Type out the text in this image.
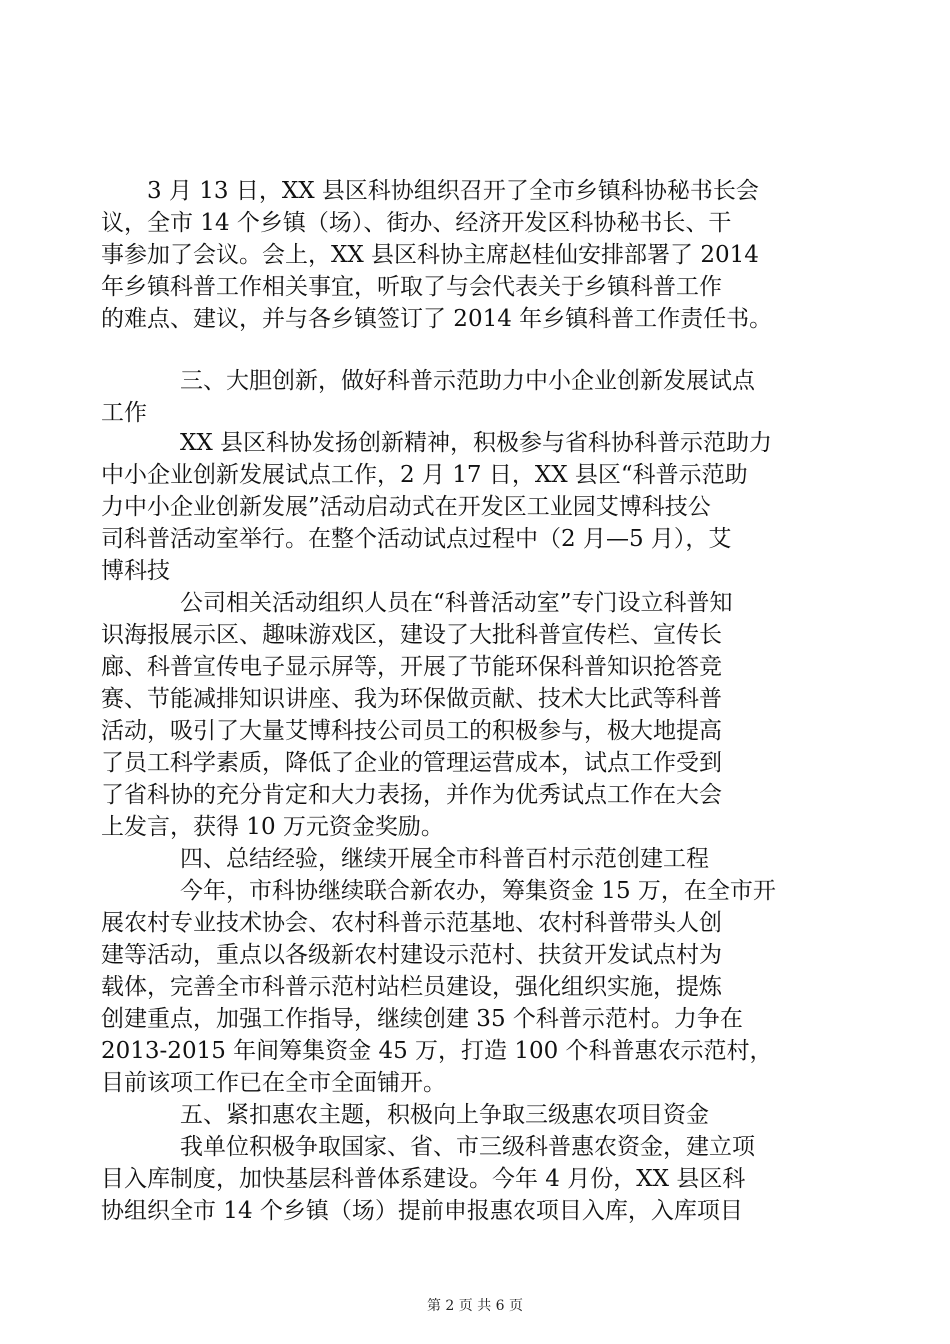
3 月 13 日，XX 县区科协组织召开了全市乡镇科协秘书长会
议，全市 14 个乡镇（场）、街办、经济开发区科协秘书长、干
事参加了会议。会上，XX 县区科协主席赵桂仙安排部署了 2014
年乡镇科普工作相关事宜，听取了与会代表关于乡镇科普工作
的难点、建议，并与各乡镇签订了 2014 年乡镇科普工作责任书。
三、大胆创新，做好科普示范助力中小企业创新发展试点
工作
XX 县区科协发扬创新精神，积极参与省科协科普示范助力
中小企业创新发展试点工作，2 月 17 日，XX 县区“科普示范助
力中小企业创新发展”活动启动式在开发区工业园艾博科技公
司科普活动室举行。在整个活动试点过程中（2 月—5 月），艾
博科技
公司相关活动组织人员在“科普活动室”专门设立科普知
识海报展示区、趣味游戏区，建设了大批科普宣传栏、宣传长
廊、科普宣传电子显示屏等，开展了节能环保科普知识抢答竞
赛、节能减排知识讲座、我为环保做贡献、技术大比武等科普
活动，吸引了大量艾博科技公司员工的积极参与，极大地提高
了员工科学素质，降低了企业的管理运营成本，试点工作受到
了省科协的充分肯定和大力表扬，并作为优秀试点工作在大会
上发言，获得 10 万元资金奖励。
四、总结经验，继续开展全市科普百村示范创建工程
今年，市科协继续联合新农办，筹集资金 15 万，在全市开
展农村专业技术协会、农村科普示范基地、农村科普带头人创
建等活动，重点以各级新农村建设示范村、扶贫开发试点村为
载体，完善全市科普示范村站栏员建设，强化组织实施，提炼
创建重点，加强工作指导，继续创建 35 个科普示范村。力争在
2013-2015 年间筹集资金 45 万，打造 100 个科普惠农示范村，
目前该项工作已在全市全面铺开。
五、紧扣惠农主题，积极向上争取三级惠农项目资金
我单位积极争取国家、省、市三级科普惠农资金，建立项
目入库制度，加快基层科普体系建设。今年 4 月份，XX 县区科
协组织全市 14 个乡镇（场）提前申报惠农项目入库，入库项目
第 2 页 共 6 页
